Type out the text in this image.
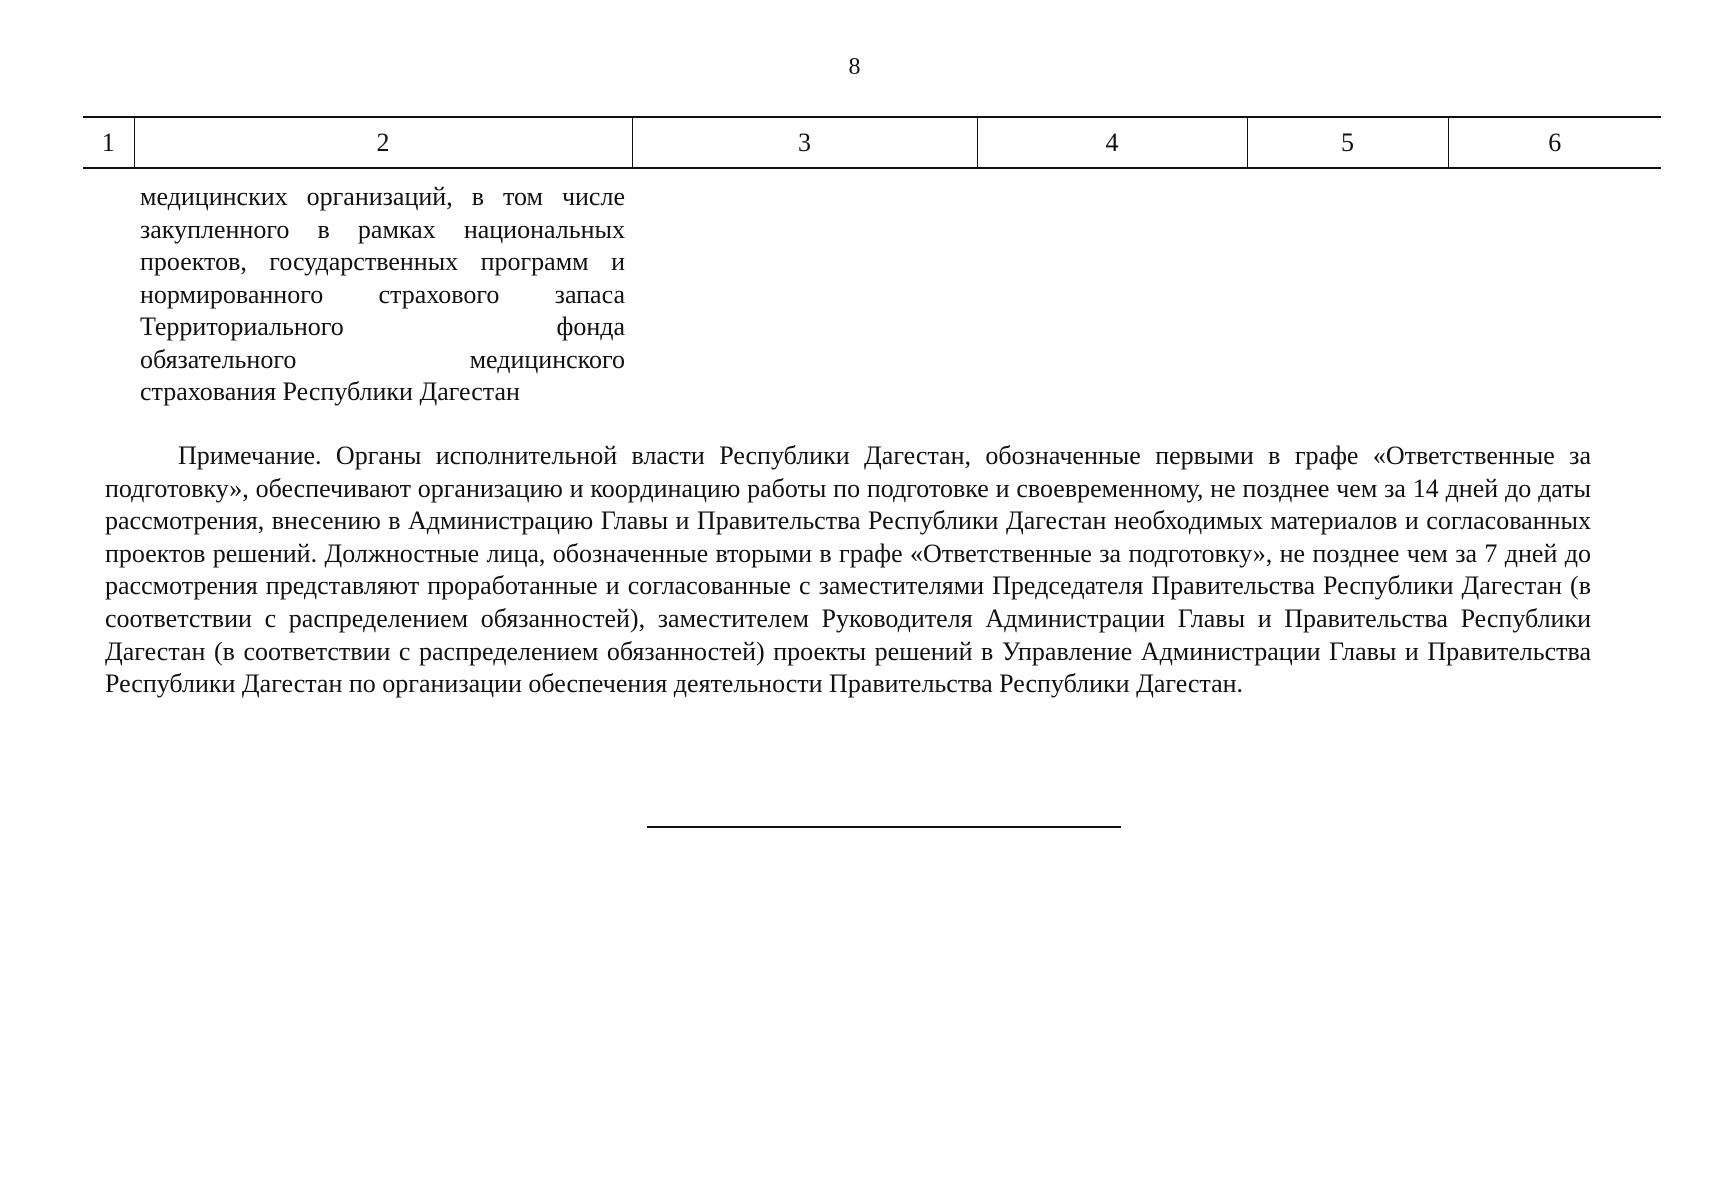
8
1	2	3	4	5	6
медицинских организаций, в том числе
закупленного в рамках национальных
проектов, государственных программ и
нормированного страхового запаса
Территориального фонда
обязательного медицинского
страхования Республики Дагестан

Примечание. Органы исполнительной власти Республики Дагестан, обозначенные первыми в графе «Ответственные за подготовку», обеспечивают организацию и координацию работы по подготовке и своевременному, не позднее чем за 14 дней до даты рассмотрения, внесению в Администрацию Главы и Правительства Республики Дагестан необходимых материалов и согласованных проектов решений. Должностные лица, обозначенные вторыми в графе «Ответственные за подготовку», не позднее чем за 7 дней до рассмотрения представляют проработанные и согласованные с заместителями Председателя Правительства Республики Дагестан (в соответствии с распределением обязанностей), заместителем Руководителя Администрации Главы и Правительства Республики Дагестан (в соответствии с распределением обязанностей) проекты решений в Управление Администрации Главы и Правительства Республики Дагестан по организации обеспечения деятельности Правительства Республики Дагестан.
